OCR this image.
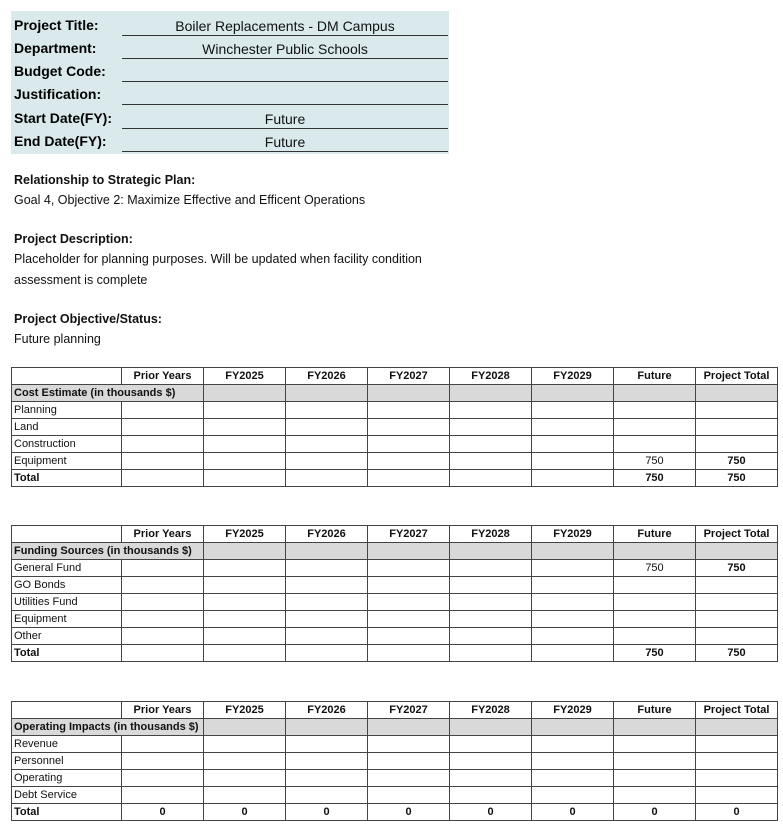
Project Title:	Boiler Replacements - DM Campus
Department:	Winchester Public Schools
Budget Code:
Justification:
Start Date(FY):	Future
End Date(FY):	Future
Relationship to Strategic Plan:
Goal 4, Objective 2: Maximize Effective and Efficent Operations
Project Description:
Placeholder for planning purposes. Will be updated when facility condition assessment is complete
Project Objective/Status:
Future planning
	Prior Years	FY2025	FY2026	FY2027	FY2028	FY2029	Future	Project Total
Cost Estimate (in thousands $)								
Planning								
Land								
Construction								
Equipment							750	750
Total							750	750
	Prior Years	FY2025	FY2026	FY2027	FY2028	FY2029	Future	Project Total
Funding Sources (in thousands $)								
General Fund							750	750
GO Bonds								
Utilities Fund								
Equipment								
Other								
Total							750	750
	Prior Years	FY2025	FY2026	FY2027	FY2028	FY2029	Future	Project Total
Operating Impacts (in thousands $)								
Revenue								
Personnel								
Operating								
Debt Service								
Total	0	0	0	0	0	0	0	0
